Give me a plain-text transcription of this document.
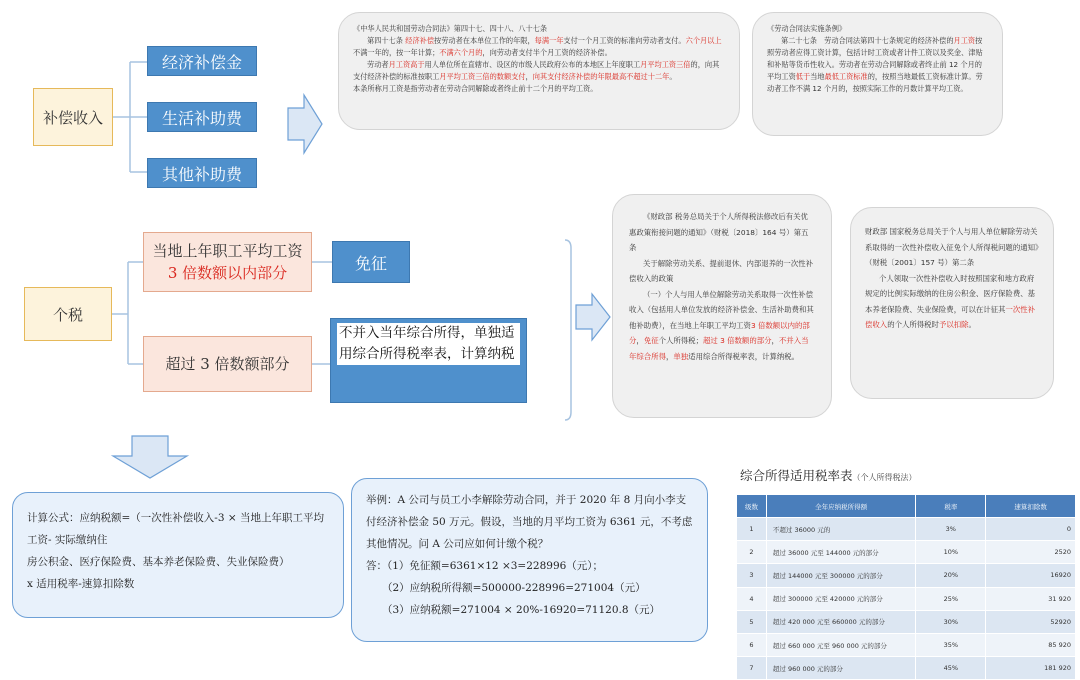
补偿收入
经济补偿金
生活补助费
其他补助费

《中华人民共和国劳动合同法》第四十七、四十八、八十七条

第四十七条 经济补偿按劳动者在本单位工作的年限，每满一年支付一个月工资的标准向劳动者支付。六个月以上不满一年的，按一年计算；不满六个月的，向劳动者支付半个月工资的经济补偿。

劳动者月工资高于用人单位所在直辖市、设区的市级人民政府公布的本地区上年度职工月平均工资三倍的，向其支付经济补偿的标准按职工月平均工资三倍的数额支付，向其支付经济补偿的年限最高不超过十二年。

本条所称月工资是指劳动者在劳动合同解除或者终止前十二个月的平均工资。

《劳动合同法实施条例》

第二十七条　劳动合同法第四十七条规定的经济补偿的月工资按照劳动者应得工资计算，包括计时工资或者计件工资以及奖金、津贴和补贴等货币性收入。劳动者在劳动合同解除或者终止前 12 个月的平均工资低于当地最低工资标准的，按照当地最低工资标准计算。劳动者工作不满 12 个月的，按照实际工作的月数计算平均工资。

个税
当地上年职工平均工资
3 倍数额以内部分
免征
超过 3 倍数额部分
不并入当年综合所得，单独适用综合所得税率表，计算纳税

《财政部 税务总局关于个人所得税法修改后有关优惠政策衔接问题的通知》（财税〔2018〕164 号）第五条

关于解除劳动关系、提前退休、内部退养的一次性补偿收入的政策

（一）个人与用人单位解除劳动关系取得一次性补偿收入（包括用人单位发放的经济补偿金、生活补助费和其他补助费），在当地上年职工平均工资3 倍数额以内的部分，免征个人所得税；超过 3 倍数额的部分，不并入当年综合所得，单独适用综合所得税率表，计算纳税。

财政部 国家税务总局关于个人与用人单位解除劳动关系取得的一次性补偿收入征免个人所得税问题的通知》（财税〔2001〕157 号）第二条

个人领取一次性补偿收入时按照国家和地方政府规定的比例实际缴纳的住房公积金、医疗保险费、基本养老保险费、失业保险费，可以在计征其一次性补偿收入的个人所得税时予以扣除。

计算公式：应纳税额=（一次性补偿收入-3 × 当地上年职工平均工资- 实际缴纳住

房公积金、医疗保险费、基本养老保险费、失业保险费）

x 适用税率-速算扣除数

举例：A 公司与员工小李解除劳动合同，并于 2020 年 8 月向小李支付经济补偿金 50 万元。假设，当地的月平均工资为 6361 元，不考虑其他情况。问 A 公司应如何计缴个税？

答：（1）免征额=6361×12 ×3=228996（元）；

（2）应纳税所得额=500000-228996=271004（元）

（3）应纳税额=271004 × 20%-16920=71120.8（元）

综合所得适用税率表（个人所得税法）
级数	全年应纳税所得额	税率	速算扣除数
1	不超过 36000 元的	3%	0
2	超过 36000 元至 144000 元的部分	10%	2520
3	超过 144000 元至 300000 元的部分	20%	16920
4	超过 300000 元至 420000 元的部分	25%	31 920
5	超过 420 000 元至 660000 元的部分	30%	52920
6	超过 660 000 元至 960 000 元的部分	35%	85 920
7	超过 960 000 元的部分	45%	181 920
